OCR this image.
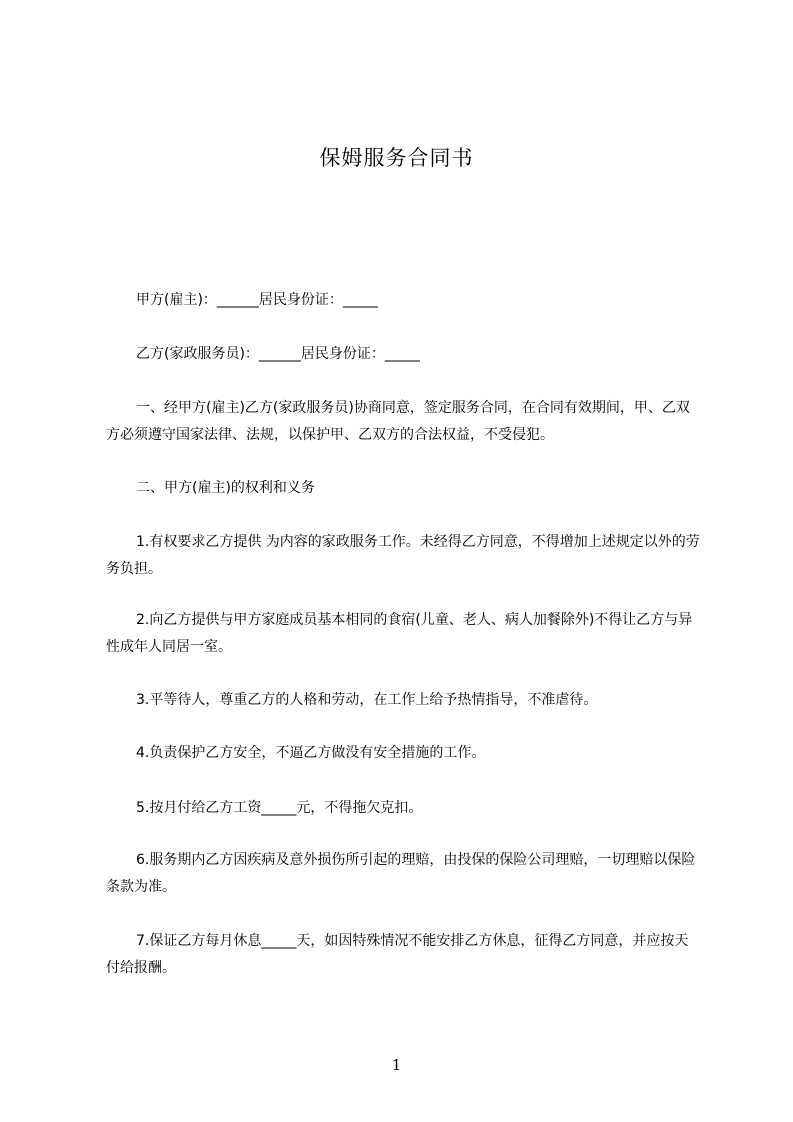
保姆服务合同书
甲方(雇主)：______居民身份证：_____
乙方(家政服务员)：______居民身份证：_____
一、经甲方(雇主)乙方(家政服务员)协商同意，签定服务合同，在合同有效期间，甲、乙双方必须遵守国家法律、法规，以保护甲、乙双方的合法权益，不受侵犯。
二、甲方(雇主)的权利和义务
1.有权要求乙方提供 为内容的家政服务工作。未经得乙方同意，不得增加上述规定以外的劳务负担。
2.向乙方提供与甲方家庭成员基本相同的食宿(儿童、老人、病人加餐除外)不得让乙方与异性成年人同居一室。
3.平等待人，尊重乙方的人格和劳动，在工作上给予热情指导，不准虐待。
4.负责保护乙方安全，不逼乙方做没有安全措施的工作。
5.按月付给乙方工资_____元，不得拖欠克扣。
6.服务期内乙方因疾病及意外损伤所引起的理赔，由投保的保险公司理赔，一切理赔以保险条款为准。
7.保证乙方每月休息_____天，如因特殊情况不能安排乙方休息，征得乙方同意，并应按天付给报酬。
1
